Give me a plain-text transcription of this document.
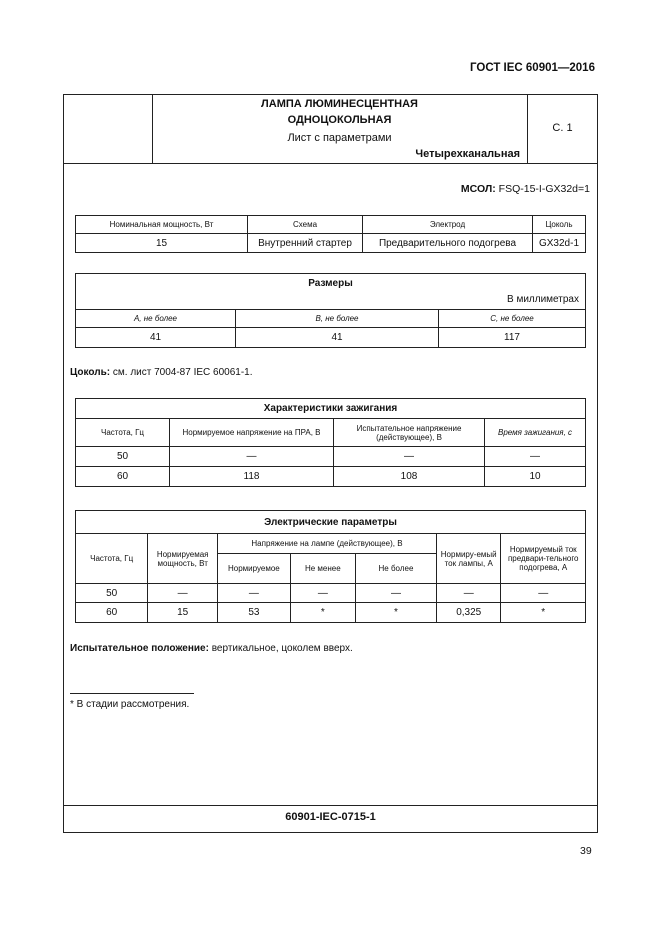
ГОСТ IEC 60901—2016
ЛАМПА ЛЮМИНЕСЦЕНТНАЯ
ОДНОЦОКОЛЬНАЯ
Лист с параметрами
Четырехканальная
С. 1
МСОЛ: FSQ-15-I-GX32d=1
Номинальная мощность, Вт	Схема	Электрод	Цоколь
15	Внутренний стартер	Предварительного подогрева	GX32d-1
Размеры
В миллиметрах		

А, не более	В, не более	С, не более
41	41	117
Цоколь: см. лист 7004-87 IEC 60061-1.
Характеристики зажигания			
Частота, Гц	Нормируемое напряжение на ПРА, В	Испытательное напряжение (действующее), В	Время зажигания, с
50	—	—	—
60	118	108	10
Электрические параметры						
Частота, Гц	Нормируемая мощность, Вт	Напряжение на лампе (действующее), В			Нормиру-емый ток лампы, А	Нормируемый ток предвари-тельного подогрева, А
		Нормируемое	Не менее	Не более		
50	—	—	—	—	—	—
60	15	53	*	*	0,325	*
Испытательное положение: вертикальное, цоколем вверх.
* В стадии рассмотрения.
60901-IEC-0715-1
39
